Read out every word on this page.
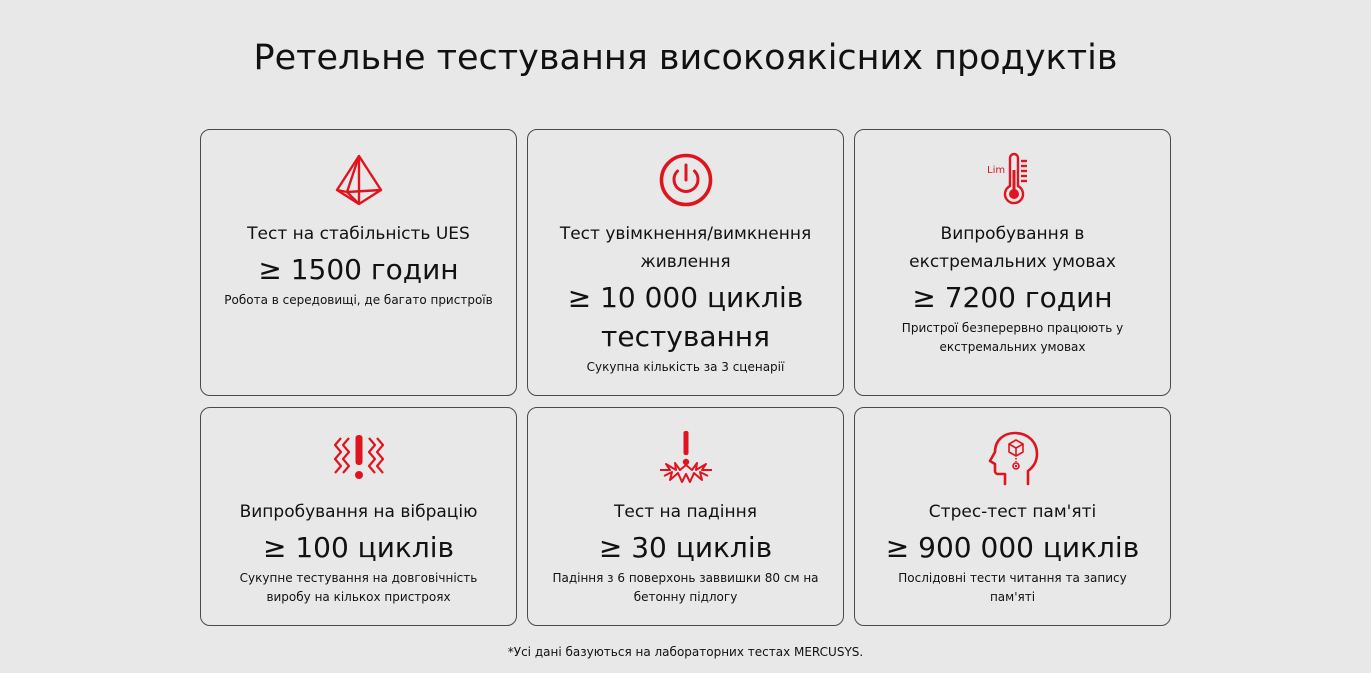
Ретельне тестування високоякісних продуктів
Тест на стабільність UES
≥ 1500 годин
Робота в середовищі, де багато пристроїв
Тест увімкнення/вимкнення живлення
≥ 10 000 циклів тестування
Сукупна кількість за 3 сценарії
Lim
Випробування в екстремальних умовах
≥ 7200 годин
Пристрої безперервно працюють у екстремальних умовах
Випробування на вібрацію
≥ 100 циклів
Сукупне тестування на довговічність виробу на кількох пристроях
Тест на падіння
≥ 30 циклів
Падіння з 6 поверхонь заввишки 80 см на бетонну підлогу
Стрес-тест пам'яті
≥ 900 000 циклів
Послідовні тести читання та запису пам'яті
*Усі дані базуються на лабораторних тестах MERCUSYS.
